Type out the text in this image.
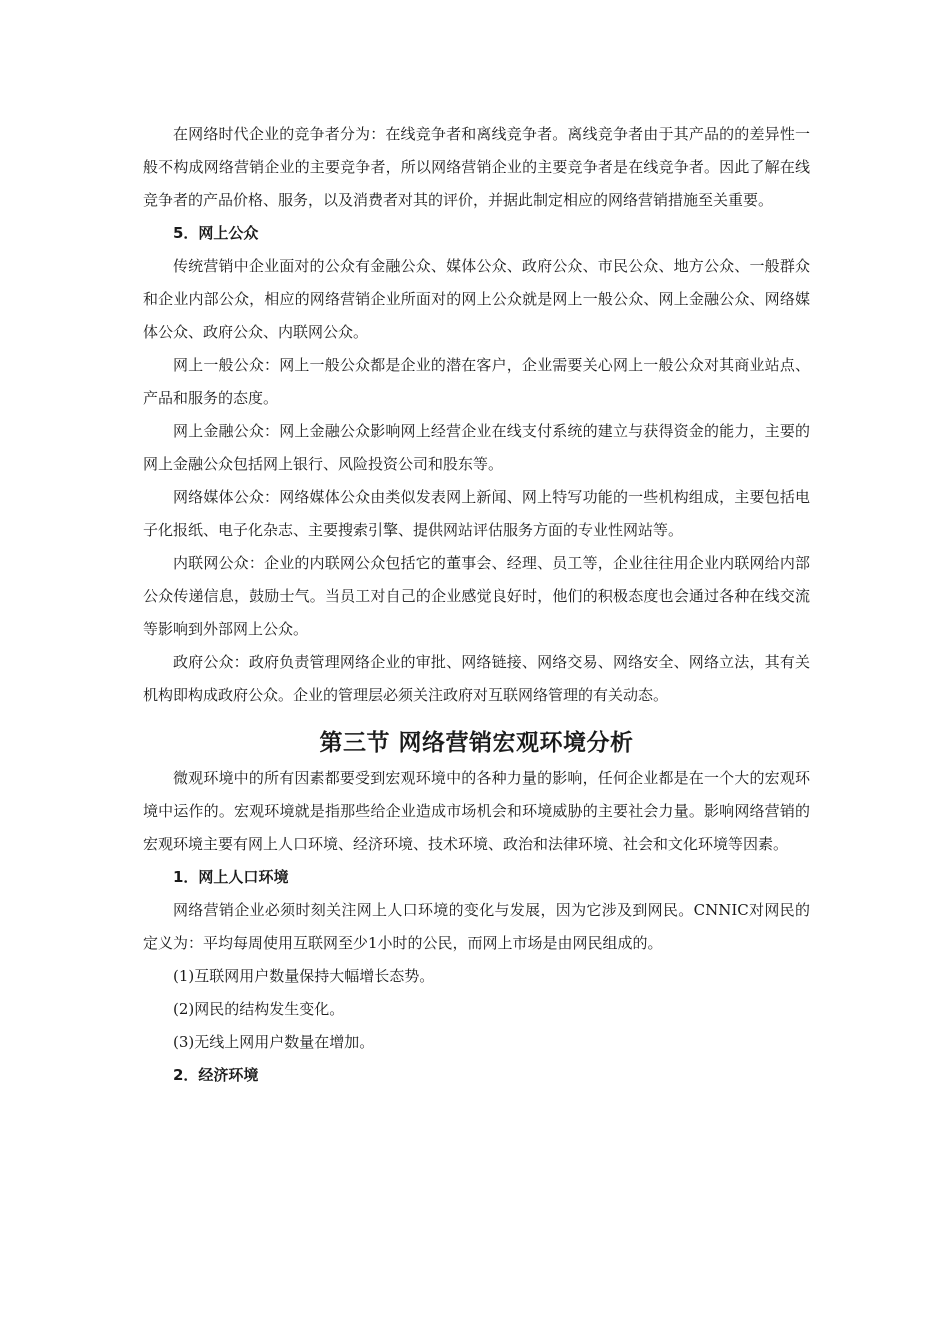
在网络时代企业的竞争者分为：在线竞争者和离线竞争者。离线竞争者由于其产品的的差异性一般不构成网络营销企业的主要竞争者，所以网络营销企业的主要竞争者是在线竞争者。因此了解在线竞争者的产品价格、服务，以及消费者对其的评价，并据此制定相应的网络营销措施至关重要。

5．网上公众

传统营销中企业面对的公众有金融公众、媒体公众、政府公众、市民公众、地方公众、一般群众和企业内部公众，相应的网络营销企业所面对的网上公众就是网上一般公众、网上金融公众、网络媒体公众、政府公众、内联网公众。

网上一般公众：网上一般公众都是企业的潜在客户，企业需要关心网上一般公众对其商业站点、产品和服务的态度。

网上金融公众：网上金融公众影响网上经营企业在线支付系统的建立与获得资金的能力，主要的网上金融公众包括网上银行、风险投资公司和股东等。

网络媒体公众：网络媒体公众由类似发表网上新闻、网上特写功能的一些机构组成，主要包括电子化报纸、电子化杂志、主要搜索引擎、提供网站评估服务方面的专业性网站等。

内联网公众：企业的内联网公众包括它的董事会、经理、员工等，企业往往用企业内联网给内部公众传递信息，鼓励士气。当员工对自己的企业感觉良好时，他们的积极态度也会通过各种在线交流等影响到外部网上公众。

政府公众：政府负责管理网络企业的审批、网络链接、网络交易、网络安全、网络立法，其有关机构即构成政府公众。企业的管理层必须关注政府对互联网络管理的有关动态。

第三节 网络营销宏观环境分析

微观环境中的所有因素都要受到宏观环境中的各种力量的影响，任何企业都是在一个大的宏观环境中运作的。宏观环境就是指那些给企业造成市场机会和环境威胁的主要社会力量。影响网络营销的宏观环境主要有网上人口环境、经济环境、技术环境、政治和法律环境、社会和文化环境等因素。

1．网上人口环境

网络营销企业必须时刻关注网上人口环境的变化与发展，因为它涉及到网民。CNNIC对网民的定义为：平均每周使用互联网至少1小时的公民，而网上市场是由网民组成的。

(1)互联网用户数量保持大幅增长态势。

(2)网民的结构发生变化。

(3)无线上网用户数量在增加。

2．经济环境
